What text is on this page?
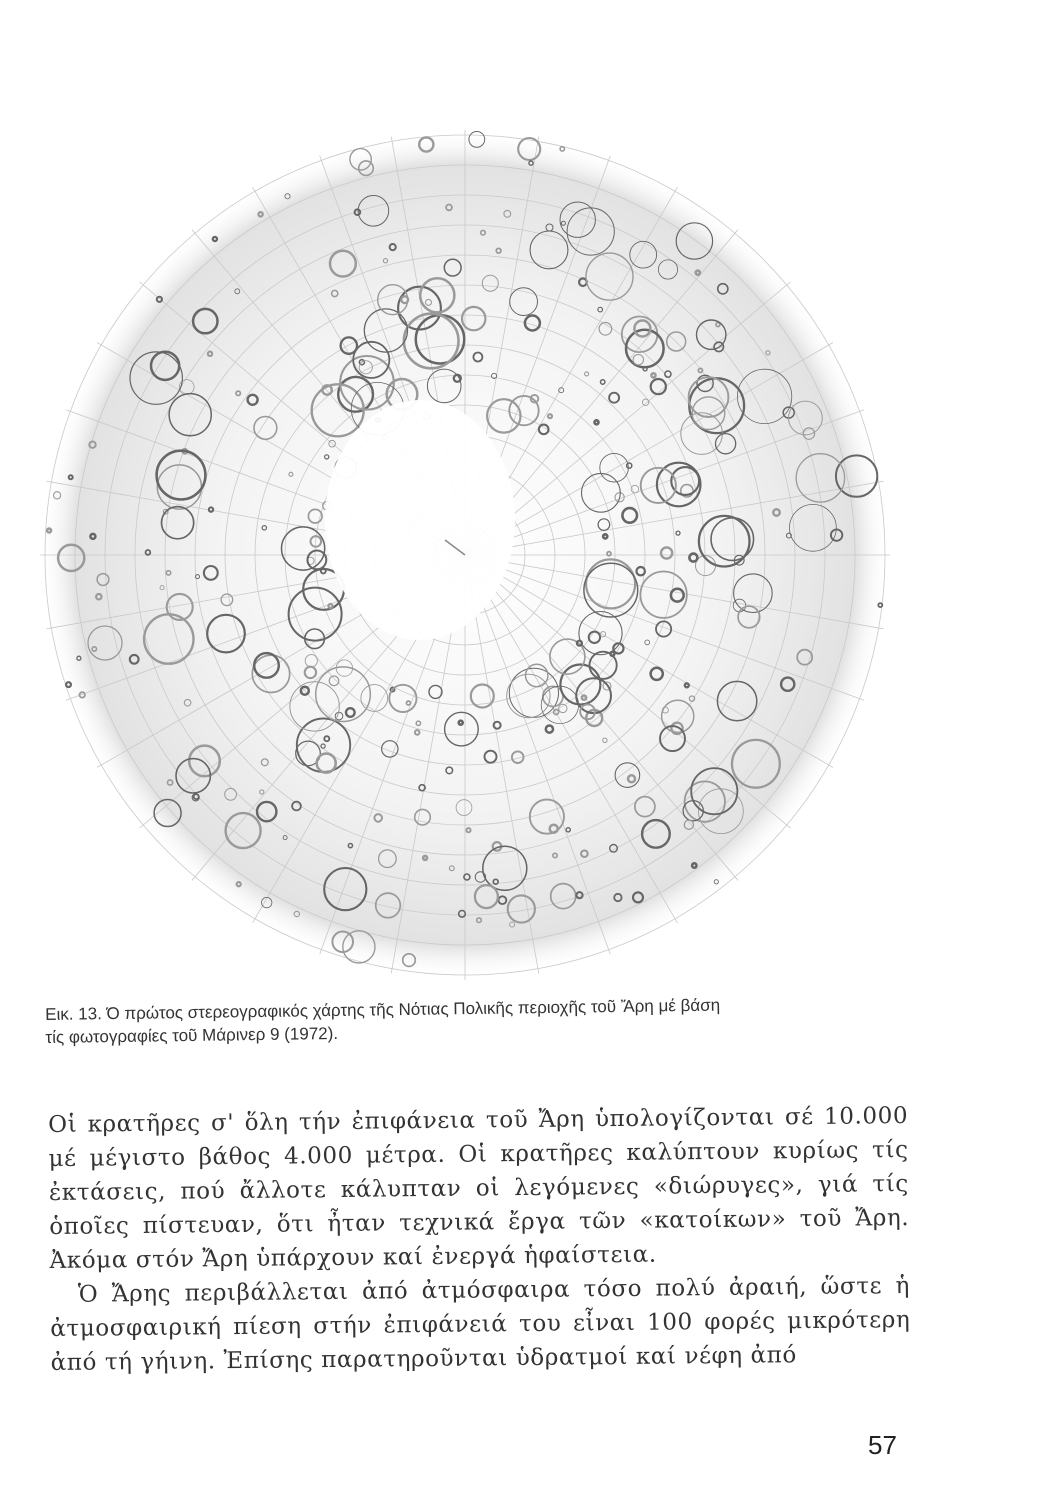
Εικ. 13. Ό πρώτος στερεογραφικός χάρτης τῆς Νότιας Πολικῆς περιοχῆς τοῦ Ἄρη μέ βάση

τίς φωτογραφίες τοῦ Μάρινερ 9 (1972).

Οἱ κρατῆρες σ' ὅλη τήν ἐπιφάνεια τοῦ Ἄρη ὑπολογίζονται σέ 10.000 μέ μέγιστο βάθος 4.000 μέτρα. Οἱ κρατῆρες καλύπτουν κυρίως τίς ἐκτάσεις, πού ἄλλοτε κάλυπταν οἱ λεγόμενες «διώρυγες», γιά τίς ὁποῖες πίστευαν, ὅτι ἦταν τεχνικά ἔργα τῶν «κατοίκων» τοῦ Ἄρη. Ἀκόμα στόν Ἄρη ὑπάρχουν καί ἐνεργά ἡφαίστεια.

Ὁ Ἄρης περιβάλλεται ἀπό ἀτμόσφαιρα τόσο πολύ ἀραιή, ὥστε ἡ ἀτμοσφαιρική πίεση στήν ἐπιφάνειά του εἶναι 100 φορές μικρότερη ἀπό τή γήινη. Ἐπίσης παρατηροῦνται ὑδρατμοί καί νέφη ἀπό

57
